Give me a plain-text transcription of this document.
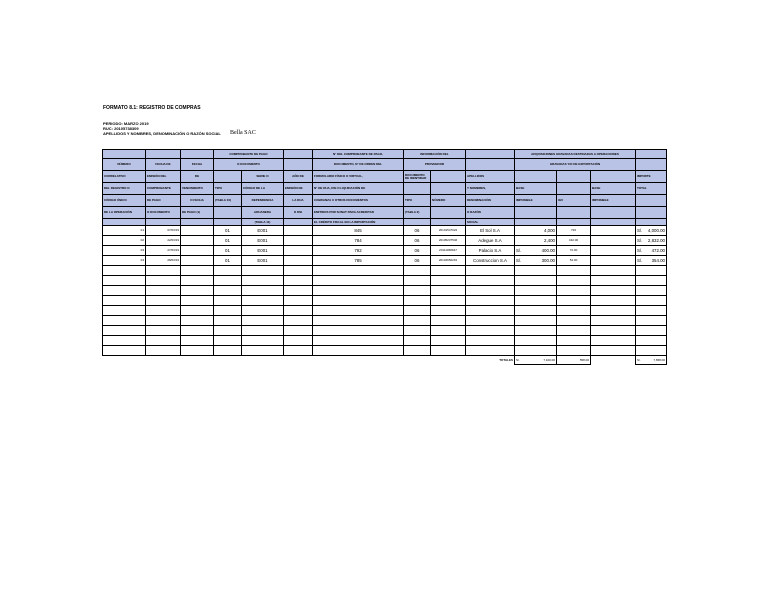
FORMATO 8.1: REGISTRO DE COMPRAS
PERIODO: MARZO 2019
RUC: 20105738309
APELLIDOS Y NOMBRES, DENOMINACIÓN O RAZÓN SOCIAL Bella SAC
			COMPROBANTE DE PAGO			N° DEL COMPROBANTE DE PAGO,	INFORMACIÓN DEL			ADQUISICIONES GRAVADAS DESTINADAS A OPERACIONES			
NÚMERO	FECHA DE	FECHA	O DOCUMENTO			DOCUMENTO, N° DE ORDEN DEL	PROVEEDOR			GRAVADAS Y/O DE EXPORTACIÓN			
CORRELATIVO	EMISIÓN DEL	DE		SERIE O	AÑO DE	FORMULARIO FÍSICO O VIRTUAL,	DOCUMENTO DE IDENTIDAD		APELLIDOS				IMPORTE
DEL REGISTRO O	COMPROBANTE	VENCIMIENTO	TIPO	CÓDIGO DE LA	EMISIÓN DE	N° DE DUA, DSI O LIQUIDACIÓN DE			Y NOMBRES,	BASE		BASE	TOTAL
CÓDIGO ÚNICO	DE PAGO	O FECHA	(TABLA 10)	DEPENDENCIA	LA DUA	COBRANZA U OTROS DOCUMENTOS	TIPO	NÚMERO	DENOMINACIÓN	IMPONIBLE	IGV	IMPONIBLE	
DE LA OPERACIÓN	O DOCUMENTO	DE PAGO (1)		ADUANERA	O DSI	EMITIDOS POR SUNAT PARA ACREDITAR	(TABLA 2)		O RAZÓN				
				(TABLA 11)		EL CRÉDITO FISCAL EN LA IMPORTACIÓN			SOCIAL				
01	07/03/19		01	E001		845	06	20101547022	El Sol S.A	4,000	720		S/. 4,000.00

02	22/03/19		01	E001		784	06	20105237546	Adegue S.A	2,400	432.00		S/. 2,832.00

03	27/03/19		01	E001		792	06	20111068947	Palacio S.A	S/. 400.00	72.00		S/. 472.00

04	28/03/19		01	E001		785	06	20104650291	Construccion S.A	S/. 300.00	54.00		S/. 354.00

									TOTALES	S/. 7,100.00	558.00		S/. 7,658.00
